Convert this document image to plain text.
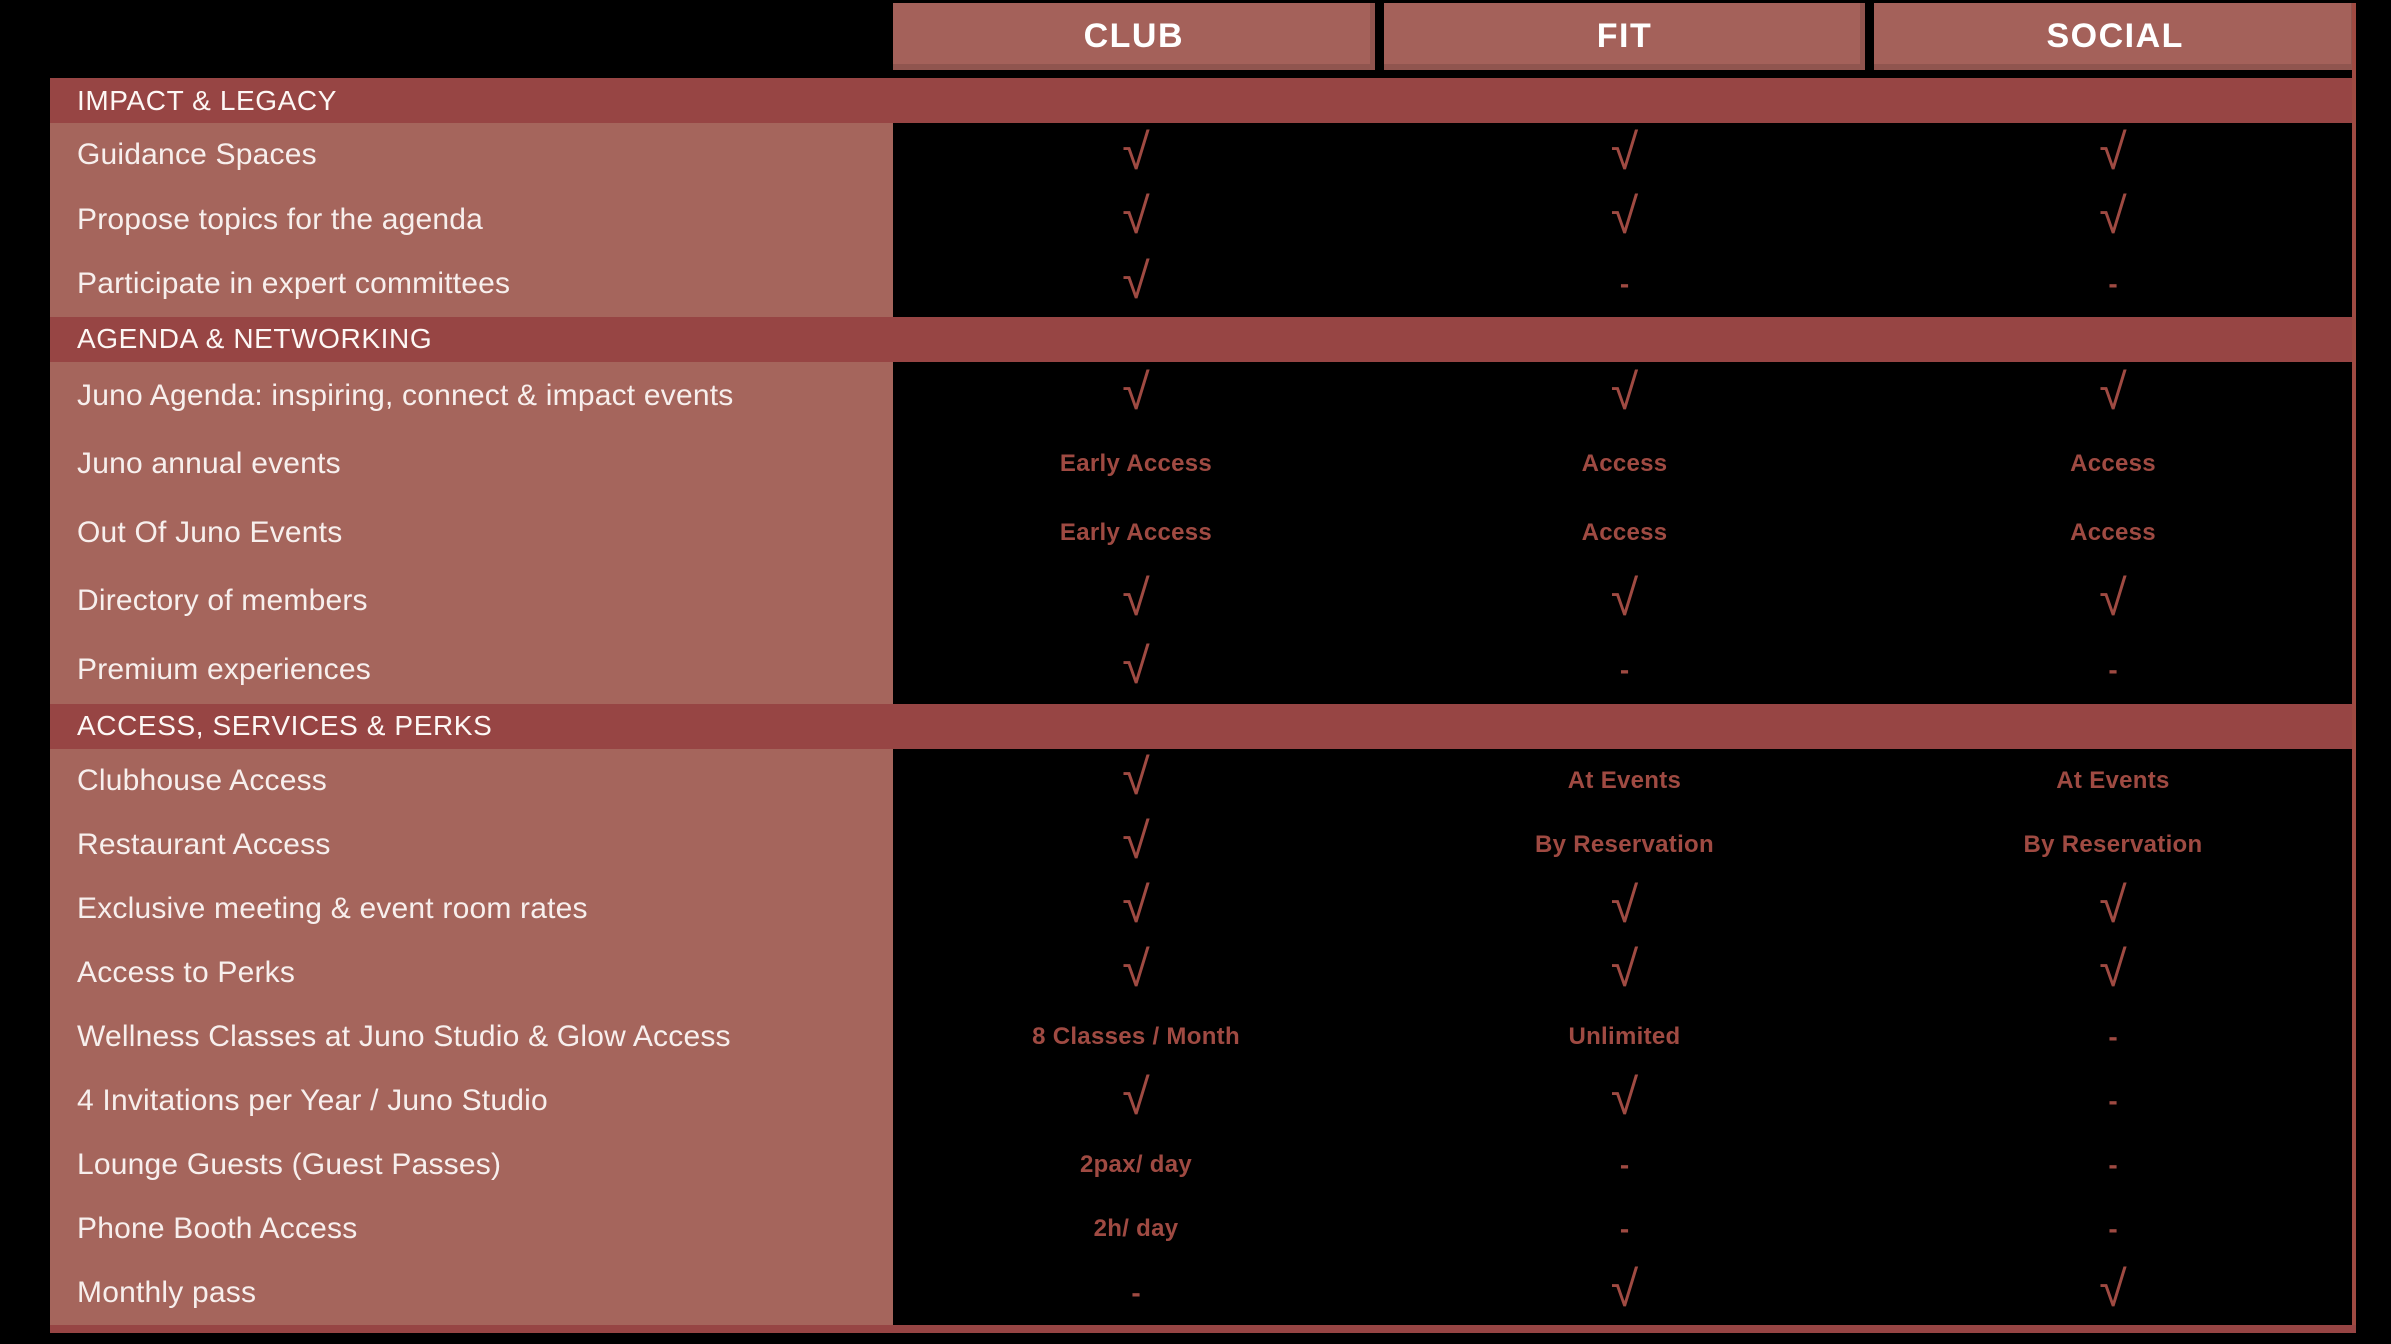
CLUB	FIT	SOCIAL
IMPACT & LEGACY
Guidance Spaces	√	√	√
Propose topics for the agenda	√	√	√
Participate in expert committees	√	-	-
AGENDA & NETWORKING
Juno Agenda: inspiring, connect & impact events	√	√	√
Juno annual events	Early Access	Access	Access
Out Of Juno Events	Early Access	Access	Access
Directory of members	√	√	√
Premium experiences	√	-	-
ACCESS, SERVICES & PERKS
Clubhouse Access	√	At Events	At Events
Restaurant Access	√	By Reservation	By Reservation
Exclusive meeting & event room rates	√	√	√
Access to Perks	√	√	√
Wellness Classes at Juno Studio & Glow Access	8 Classes / Month	Unlimited	-
4 Invitations per Year / Juno Studio	√	√	-
Lounge Guests (Guest Passes)	2pax/ day	-	-
Phone Booth Access	2h/ day	-	-
Monthly pass	-	√	√
